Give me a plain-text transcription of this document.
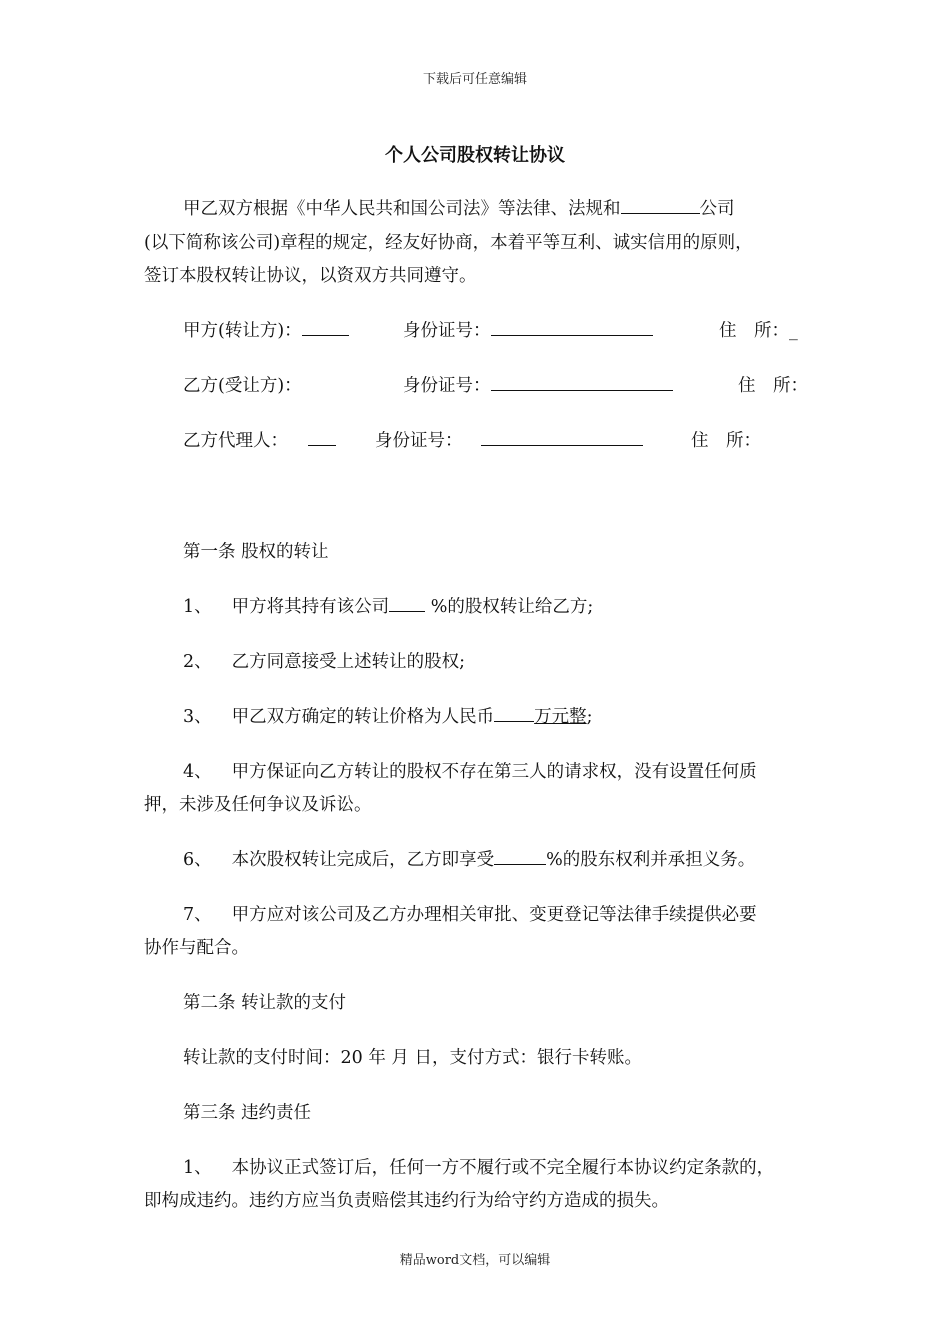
下载后可任意编辑
个人公司股权转让协议
甲乙双方根据《中华人民共和国公司法》等法律、法规和	公司
(以下简称该公司)章程的规定，经友好协商，本着平等互利、诚实信用的原则，
签订本股权转让协议，以资双方共同遵守。
甲方(转让方)：	身份证号：	住　所：_
乙方(受让方)：	身份证号：	住　所：
乙方代理人：	身份证号：	住　所：
第一条 股权的转让
1、 甲方将其持有该公司 %的股权转让给乙方;
2、 乙方同意接受上述转让的股权;
3、 甲乙双方确定的转让价格为人民币 万元整;
4、 甲方保证向乙方转让的股权不存在第三人的请求权，没有设置任何质
押，未涉及任何争议及诉讼。
6、 本次股权转让完成后，乙方即享受	%的股东权利并承担义务。
7、 甲方应对该公司及乙方办理相关审批、变更登记等法律手续提供必要
协作与配合。
第二条 转让款的支付
转让款的支付时间：20 年 月 日，支付方式：银行卡转账。
第三条 违约责任
1、 本协议正式签订后，任何一方不履行或不完全履行本协议约定条款的，
即构成违约。违约方应当负责赔偿其违约行为给守约方造成的损失。
精品word文档，可以编辑
